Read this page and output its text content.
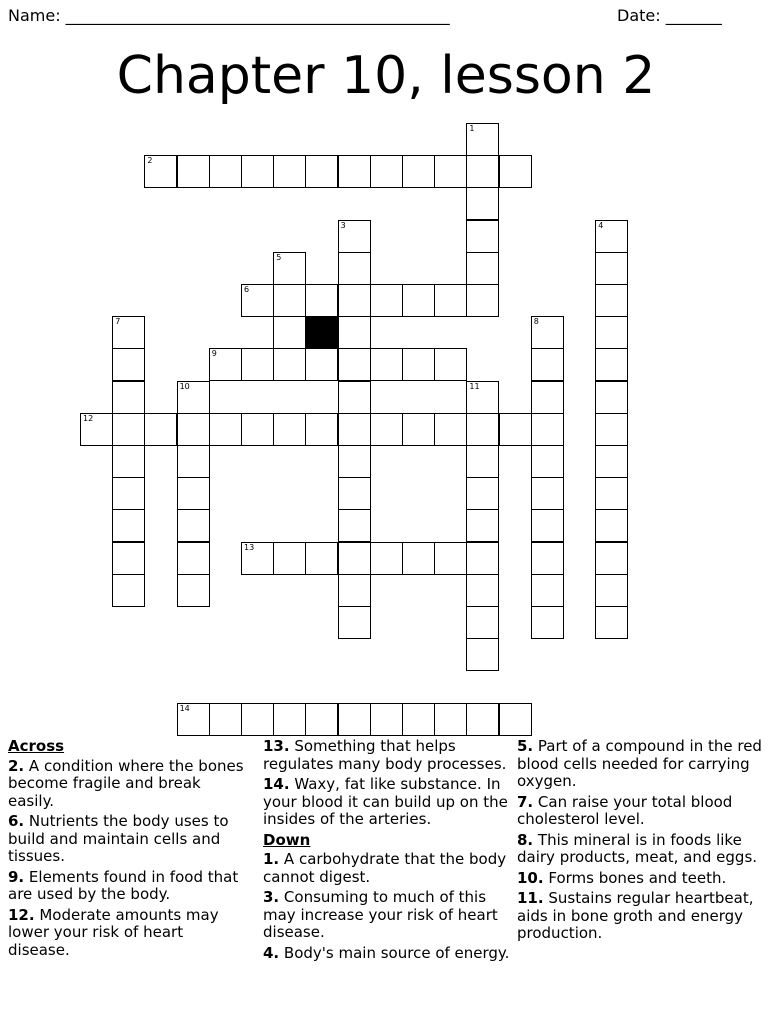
Name: ________________________________________________	Date: _______
Chapter 10, lesson 2
1
2
3	4
5
6
7	8
9
10	11
12
13
14
Across
2. A condition where the bones become fragile and break easily.
6. Nutrients the body uses to build and maintain cells and tissues.
9. Elements found in food that are used by the body.
12. Moderate amounts may lower your risk of heart disease.
13. Something that helps regulates many body processes.
14. Waxy, fat like substance. In your blood it can build up on the insides of the arteries.
Down
1. A carbohydrate that the body cannot digest.
3. Consuming to much of this may increase your risk of heart disease.
4. Body's main source of energy.
5. Part of a compound in the red blood cells needed for carrying oxygen.
7. Can raise your total blood cholesterol level.
8. This mineral is in foods like dairy products, meat, and eggs.
10. Forms bones and teeth.
11. Sustains regular heartbeat, aids in bone groth and energy production.
